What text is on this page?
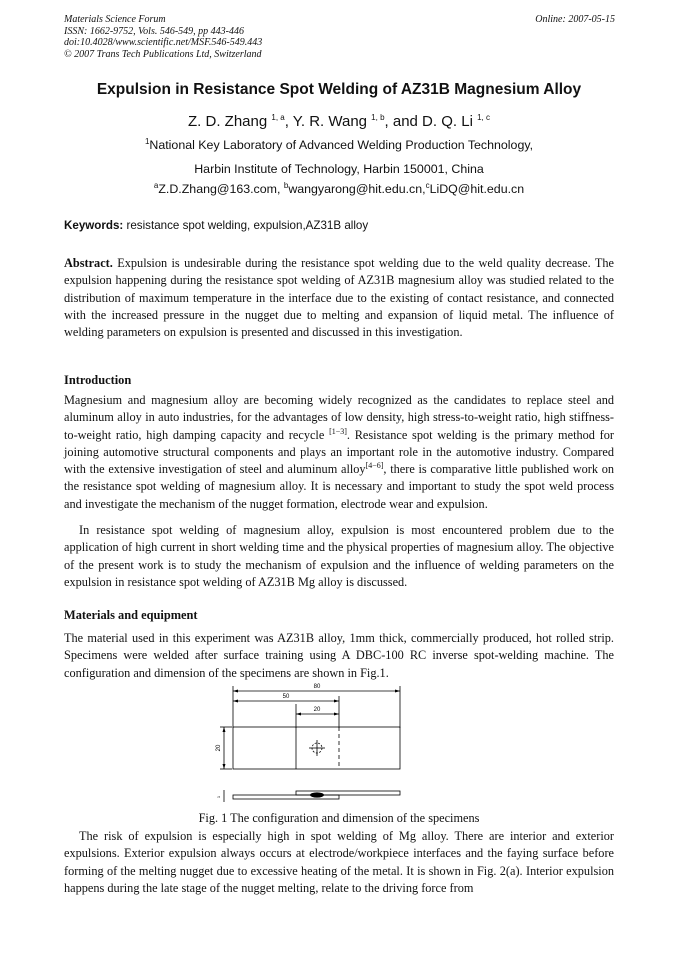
Materials Science Forum
ISSN: 1662-9752, Vols. 546-549, pp 443-446
doi:10.4028/www.scientific.net/MSF.546-549.443
© 2007 Trans Tech Publications Ltd, Switzerland
Online: 2007-05-15
Expulsion in Resistance Spot Welding of AZ31B Magnesium Alloy
Z. D. Zhang $^{1, a}$, Y. R. Wang $^{1, b}$, and D. Q. Li $^{1, c}$
$^1$National Key Laboratory of Advanced Welding Production Technology,
Harbin Institute of Technology, Harbin 150001, China
$^a$Z.D.Zhang@163.com, $^b$wangyarong@hit.edu.cn,$^c$LiDQ@hit.edu.cn
Keywords: resistance spot welding, expulsion,AZ31B alloy

Abstract. Expulsion is undesirable during the resistance spot welding due to the weld quality decrease. The expulsion happening during the resistance spot welding of AZ31B magnesium alloy was studied related to the distribution of maximum temperature in the interface due to the existing of contact resistance, and connected with the increased pressure in the nugget due to melting and expansion of liquid metal. The influence of welding parameters on expulsion is presented and discussed in this investigation.

Introduction

Magnesium and magnesium alloy are becoming widely recognized as the candidates to replace steel and aluminum alloy in auto industries, for the advantages of low density, high stress-to-weight ratio, high stiffness-to-weight ratio, high damping capacity and recycle [1−3]. Resistance spot welding is the primary method for joining automotive structural components and plays an important role in the automotive industry. Compared with the extensive investigation of steel and aluminum alloy[4−6], there is comparative little published work on the resistance spot welding of magnesium alloy. It is necessary and important to study the spot weld process and investigate the mechanism of the nugget formation, electrode wear and expulsion.

In resistance spot welding of magnesium alloy, expulsion is most encountered problem due to the application of high current in short welding time and the physical properties of magnesium alloy. The objective of the present work is to study the mechanism of expulsion and the influence of welding parameters on the expulsion in resistance spot welding of AZ31B Mg alloy is discussed.

Materials and equipment

The material used in this experiment was AZ31B alloy, 1mm thick, commercially produced, hot rolled strip. Specimens were welded after surface training using A DBC-100 RC inverse spot-welding machine. The configuration and dimension of the specimens are shown in Fig.1.

80
50
20
20
1
Fig. 1 The configuration and dimension of the specimens

The risk of expulsion is especially high in spot welding of Mg alloy. There are interior and exterior expulsions. Exterior expulsion always occurs at electrode/workpiece interfaces and the faying surface before forming of the melting nugget due to excessive heating of the metal. It is shown in Fig. 2(a). Interior expulsion happens during the late stage of the nugget melting, relate to the driving force from
